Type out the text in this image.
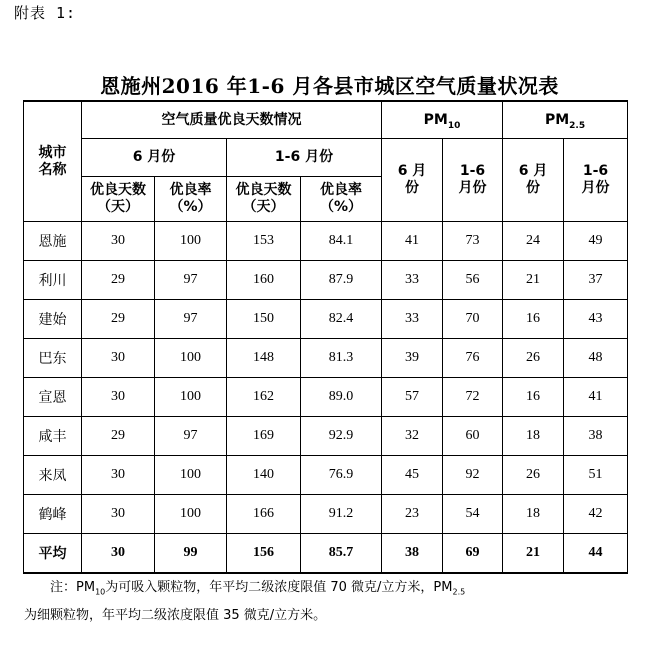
附表 1:
恩施州2016 年1-6 月各县市城区空气质量状况表
城市名称	空气质量优良天数情况				$PM_{10}$		$PM_{2.5}$
	6 月份		1-6 月份		6 月份	1-6 月份	6 月份	1-6 月份
	优良天数（天）	优良率（%）	优良天数（天）	优良率（%）				
恩施	30	100	153	84.1	41	73	24	49
利川	29	97	160	87.9	33	56	21	37
建始	29	97	150	82.4	33	70	16	43
巴东	30	100	148	81.3	39	76	26	48
宣恩	30	100	162	89.0	57	72	16	41
咸丰	29	97	169	92.9	32	60	18	38
来凤	30	100	140	76.9	45	92	26	51
鹤峰	30	100	166	91.2	23	54	18	42
平均	30	99	156	85.7	38	69	21	44
注：$PM_{10}$为可吸入颗粒物，年平均二级浓度限值 70 微克/立方米，$PM_{2.5}$
为细颗粒物，年平均二级浓度限值 35 微克/立方米。
